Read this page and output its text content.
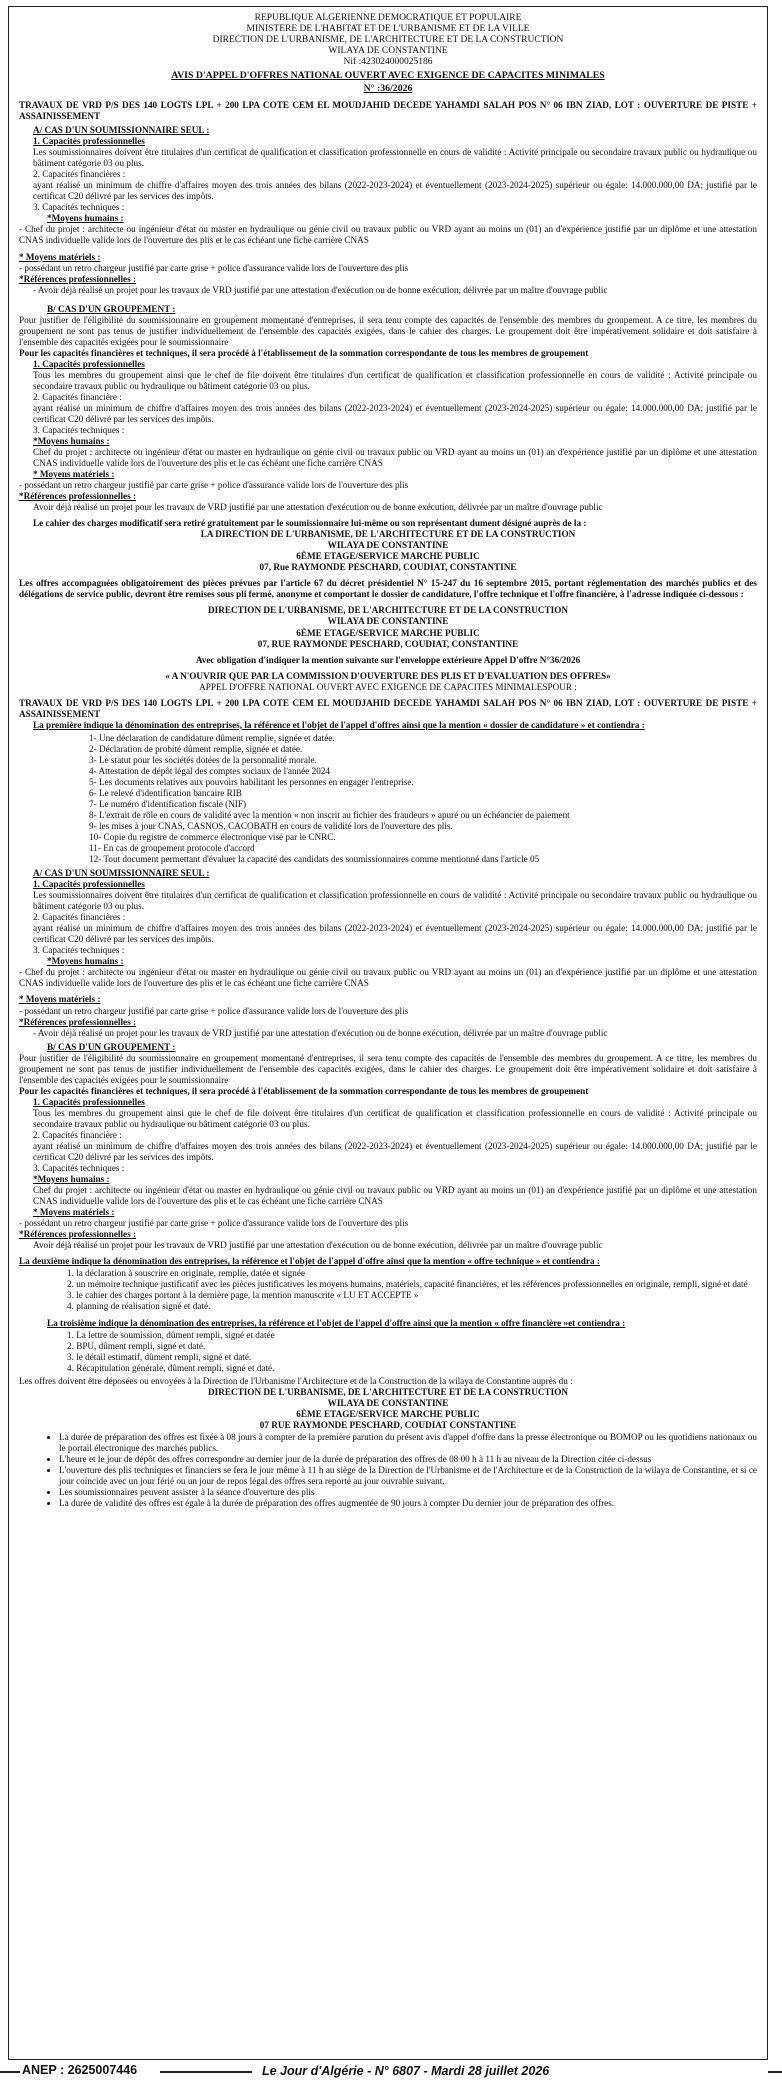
REPUBLIQUE ALGERIENNE DEMOCRATIQUE ET POPULAIRE
MINISTERE DE L'HABITAT ET DE L'URBANISME ET DE LA VILLE
DIRECTION DE L'URBANISME, DE L'ARCHITECTURE ET DE LA CONSTRUCTION
WILAYA DE CONSTANTINE
Nif :423024000025186
AVIS D'APPEL D'OFFRES NATIONAL OUVERT AVEC EXIGENCE DE CAPACITES MINIMALES
N° :36/2026

TRAVAUX DE VRD P/S DES 140 LOGTS LPL + 200 LPA COTE CEM EL MOUDJAHID DECEDE YAHAMDI SALAH POS N° 06 IBN ZIAD, LOT : OUVERTURE DE PISTE + ASSAINISSEMENT

A/ CAS D'UN SOUMISSIONNAIRE SEUL :

1. Capacités professionnelles

Les soumissionnaires doivent être titulaires d'un certificat de qualification et classification professionnelle en cours de validité : Activité principale ou secondaire travaux public ou hydraulique ou bâtiment catégorie 03 ou plus.

2. Capacités financières :

ayant réalisé un minimum de chiffre d'affaires moyen des trois années des bilans (2022-2023-2024) et éventuellement (2023-2024-2025) supérieur ou égale: 14.000.000,00 DA; justifié par le certificat C20 délivré par les services des impôts.

3. Capacités techniques :

*Moyens humains :

- Chef du projet : architecte ou ingénieur d'état ou master en hydraulique ou génie civil ou travaux public ou VRD ayant au moins un (01) an d'expérience justifié par un diplôme et une attestation CNAS individuelle valide lors de l'ouverture des plis et le cas échéant une fiche carrière CNAS

* Moyens matériels :

- possédant un retro chargeur justifié par carte grise + police d'assurance valide lors de l'ouverture des plis

*Références professionnelles :

- Avoir déjà réalisé un projet pour les travaux de VRD justifié par une attestation d'exécution ou de bonne exécution, délivrée par un maître d'ouvrage public

B/ CAS D'UN GROUPEMENT :

Pour justifier de l'éligibilité du soumissionnaire en groupement momentané d'entreprises, il sera tenu compte des capacités de l'ensemble des membres du groupement. A ce titre, les membres du groupement ne sont pas tenus de justifier individuellement de l'ensemble des capacités exigées, dans le cahier des charges. Le groupement doit être impérativement solidaire et doit satisfaire à l'ensemble des capacités exigées pour le soumissionnaire

Pour les capacités financières et techniques, il sera procédé à l'établissement de la sommation correspondante de tous les membres de groupement

1. Capacités professionnelles

Tous les membres du groupement ainsi que le chef de file doivent être titulaires d'un certificat de qualification et classification professionnelle en cours de validité : Activité principale ou secondaire travaux public ou hydraulique ou bâtiment catégorie 03 ou plus.

2. Capacités financière :

ayant réalisé un minimum de chiffre d'affaires moyen des trois années des bilans (2022-2023-2024) et éventuellement (2023-2024-2025) supérieur ou égale: 14.000.000,00 DA; justifié par le certificat C20 délivré par les services des impôts.

3. Capacités techniques :

*Moyens humains :

Chef du projet : architecte ou ingénieur d'état ou master en hydraulique ou génie civil ou travaux public ou VRD ayant au moins un (01) an d'expérience justifié par un diplôme et une attestation CNAS individuelle valide lors de l'ouverture des plis et le cas échéant une fiche carrière CNAS

* Moyens matériels :

- possédant un retro chargeur justifié par carte grise + police d'assurance valide lors de l'ouverture des plis

*Références professionnelles :

Avoir déjà réalisé un projet pour les travaux de VRD justifié par une attestation d'exécution ou de bonne exécution, délivrée par un maître d'ouvrage public

Le cahier des charges modificatif sera retiré gratuitement par le soumissionnaire lui-même ou son représentant dument désigné auprès de la :

LA DIRECTION DE L'URBANISME, DE L'ARCHITECTURE ET DE LA CONSTRUCTION
WILAYA DE CONSTANTINE
6ÈME ETAGE/SERVICE MARCHE PUBLIC
07, Rue RAYMONDE PESCHARD, COUDIAT, CONSTANTINE

Les offres accompagnées obligatoirement des pièces prévues par l'article 67 du décret présidentiel N° 15-247 du 16 septembre 2015, portant réglementation des marchés publics et des délégations de service public, devront être remises sous pli fermé, anonyme et comportant le dossier de candidature, l'offre technique et l'offre financière, à l'adresse indiquée ci-dessous :

DIRECTION DE L'URBANISME, DE L'ARCHITECTURE ET DE LA CONSTRUCTION
WILAYA DE CONSTANTINE
6ÈME ETAGE/SERVICE MARCHE PUBLIC
07, RUE RAYMONDE PESCHARD, COUDIAT, CONSTANTINE

Avec obligation d'indiquer la mention suivante sur l'enveloppe extérieure Appel D'offre N°36/2026

« A N'OUVRIR QUE PAR LA COMMISSION D'OUVERTURE DES PLIS ET D'EVALUATION DES OFFRES»

APPEL D'OFFRE NATIONAL OUVERT AVEC EXIGENCE DE CAPACITES MINIMALESPOUR :

TRAVAUX DE VRD P/S DES 140 LOGTS LPL + 200 LPA COTE CEM EL MOUDJAHID DECEDE YAHAMDI SALAH POS N° 06 IBN ZIAD, LOT : OUVERTURE DE PISTE + ASSAINISSEMENT

La première indique la dénomination des entreprises, la référence et l'objet de l'appel d'offres ainsi que la mention « dossier de candidature » et contiendra :

1- Une déclaration de candidature dûment remplie, signée et datée.
2- Déclaration de probité dûment remplie, signée et datée.
3- Le statut pour les sociétés dotées de la personnalité morale.
4- Attestation de dépôt légal des comptes sociaux de l'année 2024
5- Les documents relatives aux pouvoirs habilitant les personnes en engager l'entreprise.
6- Le relevé d'identification bancaire RIB
7- Le numéro d'identification fiscale (NIF)
8- L'extrait de rôle en cours de validité avec la mention « non inscrit au fichier des fraudeurs » apuré ou un échéancier de paiement
9- les mises à jour CNAS, CASNOS, CACOBATH en cours de validité lors de l'ouverture des plis.
10- Copie du registre de commerce électronique visé par le CNRC.
11- En cas de groupement protocole d'accord
12- Tout document permettant d'évaluer la capacité des candidats des soumissionnaires comme mentionné dans l'article 05

A/ CAS D'UN SOUMISSIONNAIRE SEUL :

1. Capacités professionnelles

Les soumissionnaires doivent être titulaires d'un certificat de qualification et classification professionnelle en cours de validité : Activité principale ou secondaire travaux public ou hydraulique ou bâtiment catégorie 03 ou plus.

2. Capacités financières :

ayant réalisé un minimum de chiffre d'affaires moyen des trois années des bilans (2022-2023-2024) et éventuellement (2023-2024-2025) supérieur ou égale: 14.000.000,00 DA; justifié par le certificat C20 délivré par les services des impôts.

3. Capacités techniques :

*Moyens humains :

- Chef du projet : architecte ou ingénieur d'état ou master en hydraulique ou génie civil ou travaux public ou VRD ayant au moins un (01) an d'expérience justifié par un diplôme et une attestation CNAS individuelle valide lors de l'ouverture des plis et le cas échéant une fiche carrière CNAS

* Moyens matériels :

- possédant un retro chargeur justifié par carte grise + police d'assurance valide lors de l'ouverture des plis

*Références professionnelles :

- Avoir déjà réalisé un projet pour les travaux de VRD justifié par une attestation d'exécution ou de bonne exécution, délivrée par un maître d'ouvrage public

B/ CAS D'UN GROUPEMENT :

Pour justifier de l'éligibilité du soumissionnaire en groupement momentané d'entreprises, il sera tenu compte des capacités de l'ensemble des membres du groupement. A ce titre, les membres du groupement ne sont pas tenus de justifier individuellement de l'ensemble des capacités exigées, dans le cahier des charges. Le groupement doit être impérativement solidaire et doit satisfaire à l'ensemble des capacités exigées pour le soumissionnaire

Pour les capacités financières et techniques, il sera procédé à l'établissement de la sommation correspondante de tous les membres de groupement

1. Capacités professionnelles

Tous les membres du groupement ainsi que le chef de file doivent être titulaires d'un certificat de qualification et classification professionnelle en cours de validité : Activité principale ou secondaire travaux public ou hydraulique ou bâtiment catégorie 03 ou plus.

2. Capacités financière :

ayant réalisé un minimum de chiffre d'affaires moyen des trois années des bilans (2022-2023-2024) et éventuellement (2023-2024-2025) supérieur ou égale: 14.000.000,00 DA; justifié par le certificat C20 délivré par les services des impôts.

3. Capacités techniques :

*Moyens humains :

Chef du projet : architecte ou ingénieur d'état ou master en hydraulique ou génie civil ou travaux public ou VRD ayant au moins un (01) an d'expérience justifié par un diplôme et une attestation CNAS individuelle valide lors de l'ouverture des plis et le cas échéant une fiche carrière CNAS

* Moyens matériels :

- possédant un retro chargeur justifié par carte grise + police d'assurance valide lors de l'ouverture des plis

*Références professionnelles :

Avoir déjà réalisé un projet pour les travaux de VRD justifié par une attestation d'exécution ou de bonne exécution, délivrée par un maître d'ouvrage public

La deuxième indique la dénomination des entreprises, la référence et l'objet de l'appel d'offre ainsi que la mention « offre technique » et contiendra :

1. la déclaration à souscrire en originale, remplie, datée et signée
2. un mémoire technique justificatif avec les pièces justificatives les moyens humains, matériels, capacité financières, et les références professionnelles en originale, rempli, signé et daté
3. le cahier des charges portant à la dernière page, la mention manuscrite « LU ET ACCEPTE »
4. planning de réalisation signé et daté.

La troisième indique la dénomination des entreprises, la référence et l'objet de l'appel d'offre ainsi que la mention « offre financière »et contiendra :

1. La lettre de soumission, dûment rempli, signé et datée
2. BPU, dûment rempli, signé et daté.
3. le détail estimatif, dûment rempli, signé et daté.
4. Récapitulation générale, dûment rempli, signé et daté.

Les offres doivent être déposées ou envoyées à la Direction de l'Urbanisme l'Architecture et de la Construction de la wilaya de Constantine auprès du :

DIRECTION DE L'URBANISME, DE L'ARCHITECTURE ET DE LA CONSTRUCTION
WILAYA DE CONSTANTINE
6ÈME ETAGE/SERVICE MARCHE PUBLIC
07 RUE RAYMONDE PESCHARD, COUDIAT CONSTANTINE
• La durée de préparation des offres est fixée à 08 jours à compter de la première parution du présent avis d'appel d'offre dans la presse électronique ou BOMOP ou les quotidiens nationaux ou le portail électronique des marchés publics.
• L'heure et le jour de dépôt des offres correspondre au dernier jour de la durée de préparation des offres de 08 00 h à 11 h au niveau de la Direction citée ci-dessus
• L'ouverture des plis techniques et financiers se fera le jour même à 11 h au siège de la Direction de l'Urbanisme et de l'Architecture et de la Construction de la wilaya de Constantine, et si ce jour coïncide avec un jour férié ou un jour de repos légal des offres sera reporté au jour ouvrable suivant.
• Les soumissionnaires peuvent assister à la séance d'ouverture des plis
• La durée de validité des offres est égale à la durée de préparation des offres augmentée de 90 jours à compter Du dernier jour de préparation des offres.
ANEP : 2625007446	Le Jour d'Algérie - N° 6807 - Mardi 28 juillet 2026
